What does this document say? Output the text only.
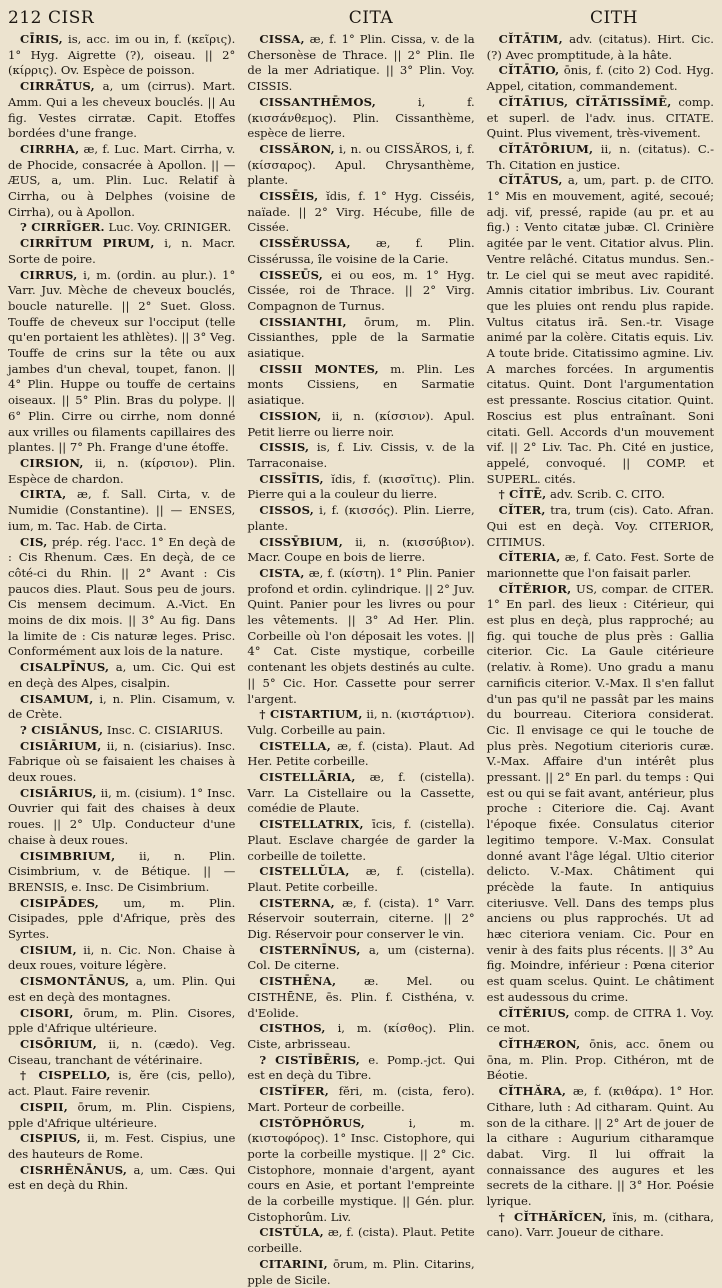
212 CISR	CITA	CITH

CĪRIS, is, acc. im ou in, f. (κεῖρις). 1° Hyg. Aigrette (?), oiseau. || 2° (κίρρις). Ov. Espèce de poisson.

CIRRĀTUS, a, um (cirrus). Mart. Amm. Qui a les cheveux bouclés. || Au fig. Vestes cirratæ. Capit. Etoffes bordées d'une frange.

CIRRHA, æ, f. Luc. Mart. Cirrha, v. de Phocide, consacrée à Apollon. || — ÆUS, a, um. Plin. Luc. Relatif à Cirrha, ou à Delphes (voisine de Cirrha), ou à Apollon.

? CIRRĪGER. Luc. Voy. CRINIGER.

CIRRĪTUM PIRUM, i, n. Macr. Sorte de poire.

CIRRUS, i, m. (ordin. au plur.). 1° Varr. Juv. Mèche de cheveux bouclés, boucle naturelle. || 2° Suet. Gloss. Touffe de cheveux sur l'occiput (telle qu'en portaient les athlètes). || 3° Veg. Touffe de crins sur la tête ou aux jambes d'un cheval, toupet, fanon. || 4° Plin. Huppe ou touffe de certains oiseaux. || 5° Plin. Bras du polype. || 6° Plin. Cirre ou cirrhe, nom donné aux vrilles ou filaments capillaires des plantes. || 7° Ph. Frange d'une étoffe.

CIRSION, ii, n. (κίρσιον). Plin. Espèce de chardon.

CIRTA, æ, f. Sall. Cirta, v. de Numidie (Constantine). || — ENSES, ium, m. Tac. Hab. de Cirta.

CIS, prép. rég. l'acc. 1° En deçà de : Cis Rhenum. Cæs. En deçà, de ce côté-ci du Rhin. || 2° Avant : Cis paucos dies. Plaut. Sous peu de jours. Cis mensem decimum. A.-Vict. En moins de dix mois. || 3° Au fig. Dans la limite de : Cis naturæ leges. Prisc. Conformément aux lois de la nature.

CISALPĪNUS, a, um. Cic. Qui est en deçà des Alpes, cisalpin.

CISAMUM, i, n. Plin. Cisamum, v. de Crète.

? CISIĀNUS, Insc. C. CISIARIUS.

CISIĀRIUM, ii, n. (cisiarius). Insc. Fabrique où se faisaient les chaises à deux roues.

CISIĀRIUS, ii, m. (cisium). 1° Insc. Ouvrier qui fait des chaises à deux roues. || 2° Ulp. Conducteur d'une chaise à deux roues.

CISIMBRIUM, ii, n. Plin. Cisimbrium, v. de Bétique. || — BRENSIS, e. Insc. De Cisimbrium.

CISIPĀDES, um, m. Plin. Cisipades, pple d'Afrique, près des Syrtes.

CISIUM, ii, n. Cic. Non. Chaise à deux roues, voiture légère.

CISMONTĀNUS, a, um. Plin. Qui est en deçà des montagnes.

CISORI, ōrum, m. Plin. Cisores, pple d'Afrique ultérieure.

CISŌRIUM, ii, n. (cædo). Veg. Ciseau, tranchant de vétérinaire.

† CISPELLO, is, ĕre (cis, pello), act. Plaut. Faire revenir.

CISPII, ōrum, m. Plin. Cispiens, pple d'Afrique ultérieure.

CISPIUS, ii, m. Fest. Cispius, une des hauteurs de Rome.

CISRHĒNĀNUS, a, um. Cæs. Qui est en deçà du Rhin.

CISSA, æ, f. 1° Plin. Cissa, v. de la Chersonèse de Thrace. || 2° Plin. Ile de la mer Adriatique. || 3° Plin. Voy. CISSIS.

CISSANTHĒMOS,	i, f. (κισσάνθεμος). Plin. Cissanthème, espèce de lierre.

CISSĂRON, i, n. ou CISSĂROS, i, f. (κίσσαρος). Apul. Chrysanthème, plante.

CISSĒIS, ĭdis, f. 1° Hyg. Cisséis, naïade. || 2° Virg. Hécube, fille de Cissée.

CISSĔRUSSA, æ, f. Plin. Cissérussa, île voisine de la Carie.

CISSEŪS, ei ou eos, m. 1° Hyg. Cissée, roi de Thrace. || 2° Virg. Compagnon de Turnus.

CISSIANTHI, ōrum, m. Plin. Cissianthes, pple de la Sarmatie asiatique.

CISSII MONTES, m. Plin. Les monts Cissiens, en Sarmatie asiatique.

CISSION, ii, n. (κίσσιον). Apul. Petit lierre ou lierre noir.

CISSIS, is, f. Liv. Cissis, v. de la Tarraconaise.

CISSĪTIS, ĭdis, f. (κισσῖτις). Plin. Pierre qui a la couleur du lierre.

CISSOS, i, f. (κισσός). Plin. Lierre, plante.

CISSȲBIUM, ii, n. (κισσύβιον). Macr. Coupe en bois de lierre.

CISTA, æ, f. (κίστη). 1° Plin. Panier profond et ordin. cylindrique. || 2° Juv. Quint. Panier pour les livres ou pour les vêtements. || 3° Ad Her. Plin. Corbeille où l'on déposait les votes. || 4° Cat. Ciste mystique, corbeille contenant les objets destinés au culte. || 5° Cic. Hor. Cassette pour serrer l'argent.

† CISTARTIUM, ii, n. (κιστάρτιον). Vulg. Corbeille au pain.

CISTELLA, æ, f. (cista). Plaut. Ad Her. Petite corbeille.

CISTELLĀRIA, æ, f. (cistella). Varr. La Cistellaire ou la Cassette, comédie de Plaute.

CISTELLATRIX, īcis, f. (cistella). Plaut. Esclave chargée de garder la corbeille de toilette.

CISTELLŬLA, æ, f. (cistella). Plaut. Petite corbeille.

CISTERNA, æ, f. (cista). 1° Varr. Réservoir souterrain, citerne. || 2° Dig. Réservoir pour conserver le vin.

CISTERNĪNUS, a, um (cisterna). Col. De citerne.

CISTHĒNA, æ. Mel. ou CISTHĒNE, ēs. Plin. f. Cisthéna, v. d'Eolide.

CISTHOS, i, m. (κίσθος). Plin. Ciste, arbrisseau.

? CISTĪBĒRIS, e. Pomp.-jct. Qui est en deçà du Tibre.

CISTĬFER, fĕri, m. (cista, fero). Mart. Porteur de corbeille.

CISTŎPHŎRUS,	i, m. (κιστοφόρος). 1° Insc. Cistophore, qui porte la corbeille mystique. || 2° Cic. Cistophore, monnaie d'argent, ayant cours en Asie, et portant l'empreinte de la corbeille mystique. || Gén. plur. Cistophorûm. Liv.

CISTŬLA, æ, f. (cista). Plaut. Petite corbeille.

CITARINI, ōrum, m. Plin. Citarins, pple de Sicile.

CĬTĀTIM, adv. (citatus). Hirt. Cic. (?) Avec promptitude, à la hâte.

CĬTĀTIO, ōnis, f. (cito 2) Cod. Hyg. Appel, citation, commandement.

CĬTĀTIUS, CĬTĀTISSĬMĒ, comp. et superl. de l'adv. inus. CITATE. Quint. Plus vivement, très-vivement.

CĬTĀTŌRIUM, ii, n. (citatus). C.-Th. Citation en justice.

CĬTĀTUS, a, um, part. p. de CITO. 1° Mis en mouvement, agité, secoué; adj. vif, pressé, rapide (au pr. et au fig.) : Vento citatæ jubæ. Cl. Crinière agitée par le vent. Citatior alvus. Plin. Ventre relâché. Citatus mundus. Sen.-tr. Le ciel qui se meut avec rapidité. Amnis citatior imbribus. Liv. Courant que les pluies ont rendu plus rapide. Vultus citatus irā. Sen.-tr. Visage animé par la colère. Citatis equis. Liv. A toute bride. Citatissimo agmine. Liv. A marches forcées. In argumentis citatus. Quint. Dont l'argumentation est pressante. Roscius citatior. Quint. Roscius est plus entraînant. Soni citati. Gell. Accords d'un mouvement vif. || 2° Liv. Tac. Ph. Cité en justice, appelé, convoqué. || COMP. et SUPERL. cités.

† CĬTĒ, adv. Scrib. C. CITO.

CĬTER, tra, trum (cis). Cato. Afran. Qui est en deçà. Voy. CITERIOR, CITIMUS.

CĬTERIA, æ, f. Cato. Fest. Sorte de marionnette que l'on faisait parler.

CĬTĔRIOR, US, compar. de CITER. 1° En parl. des lieux : Citérieur, qui est plus en deçà, plus rapproché; au fig. qui touche de plus près : Gallia citerior. Cic. La Gaule citérieure (relativ. à Rome). Uno gradu a manu carnificis citerior. V.-Max. Il s'en fallut d'un pas qu'il ne passât par les mains du bourreau. Citeriora considerat. Cic. Il envisage ce qui le touche de plus près. Negotium citerioris curæ. V.-Max. Affaire d'un intérêt plus pressant. || 2° En parl. du temps : Qui est ou qui se fait avant, antérieur, plus proche : Citeriore die. Caj. Avant l'époque fixée. Consulatus citerior legitimo tempore. V.-Max. Consulat donné avant l'âge légal. Ultio citerior delicto. V.-Max. Châtiment qui précède la faute. In antiquius citeriusve. Vell. Dans des temps plus anciens ou plus rapprochés. Ut ad hæc citeriora veniam. Cic. Pour en venir à des faits plus récents. || 3° Au fig. Moindre, inférieur : Pœna citerior est quam scelus. Quint. Le châtiment est audessous du crime.

CĬTĔRIUS, comp. de CITRA 1. Voy. ce mot.

CĬTHÆRON, ōnis, acc. ōnem ou ōna, m. Plin. Prop. Cithéron, mt de Béotie.

CĬTHĂRA, æ, f. (κιθάρα). 1° Hor. Cithare, luth : Ad citharam. Quint. Au son de la cithare. || 2° Art de jouer de la cithare : Augurium citharamque dabat. Virg. Il lui offrait la connaissance des augures et les secrets de la cithare. || 3° Hor. Poésie lyrique.

† CĬTHĂRĬCEN, ĭnis, m. (cithara, cano). Varr. Joueur de cithare.
